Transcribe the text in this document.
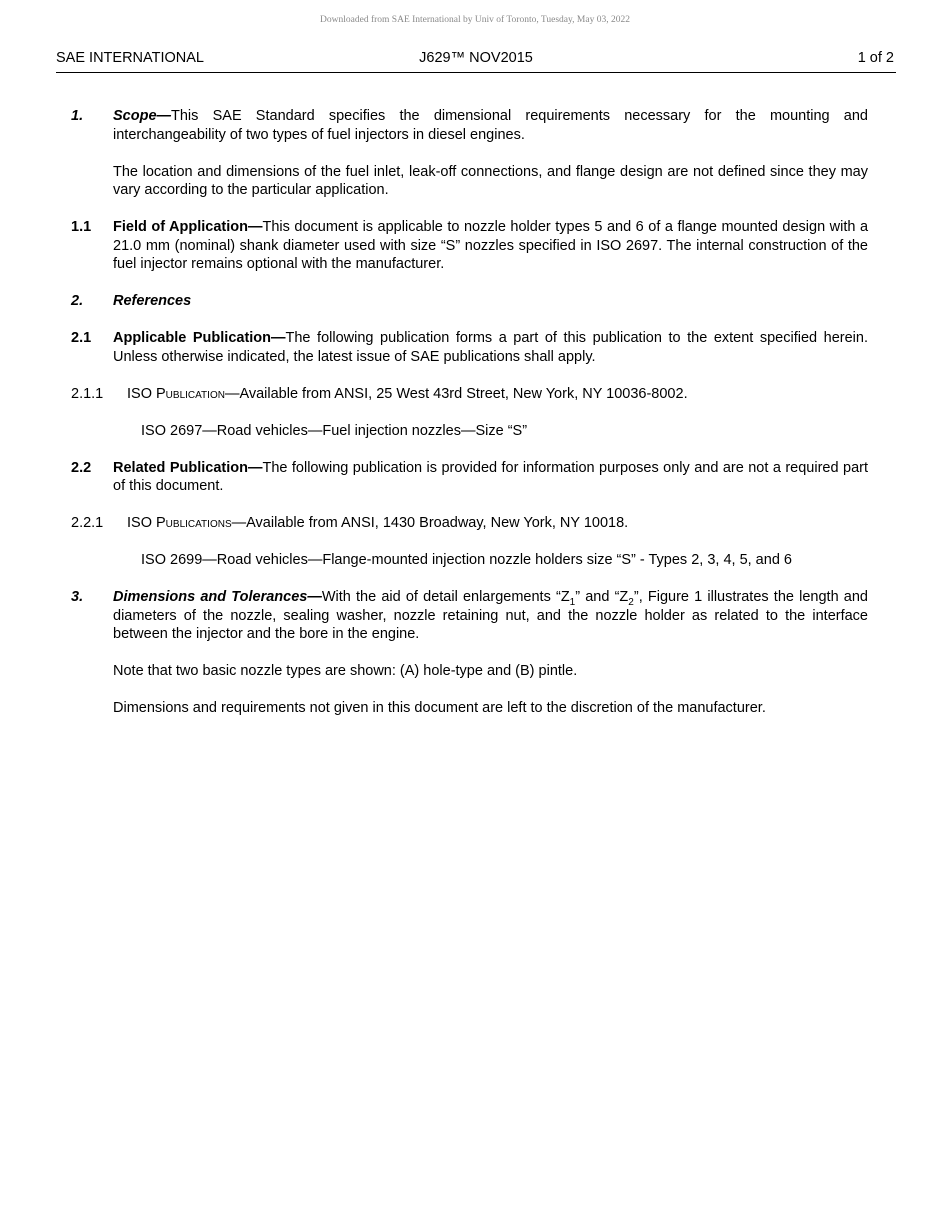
Downloaded from SAE International by Univ of Toronto, Tuesday, May 03, 2022
SAE INTERNATIONAL	J629™ NOV2015	1 of 2
1. Scope—This SAE Standard specifies the dimensional requirements necessary for the mounting and interchangeability of two types of fuel injectors in diesel engines.
The location and dimensions of the fuel inlet, leak-off connections, and flange design are not defined since they may vary according to the particular application.
1.1 Field of Application—This document is applicable to nozzle holder types 5 and 6 of a flange mounted design with a 21.0 mm (nominal) shank diameter used with size “S” nozzles specified in ISO 2697. The internal construction of the fuel injector remains optional with the manufacturer.
2. References
2.1 Applicable Publication—The following publication forms a part of this publication to the extent specified herein. Unless otherwise indicated, the latest issue of SAE publications shall apply.
2.1.1 ISO Publication—Available from ANSI, 25 West 43rd Street, New York, NY 10036-8002.
ISO 2697—Road vehicles—Fuel injection nozzles—Size “S”
2.2 Related Publication—The following publication is provided for information purposes only and are not a required part of this document.
2.2.1 ISO Publications—Available from ANSI, 1430 Broadway, New York, NY 10018.
ISO 2699—Road vehicles—Flange-mounted injection nozzle holders size “S” - Types 2, 3, 4, 5, and 6
3. Dimensions and Tolerances—With the aid of detail enlargements “$Z_1$” and “$Z_2$”, Figure 1 illustrates the length and diameters of the nozzle, sealing washer, nozzle retaining nut, and the nozzle holder as related to the interface between the injector and the bore in the engine.
Note that two basic nozzle types are shown: (A) hole-type and (B) pintle.
Dimensions and requirements not given in this document are left to the discretion of the manufacturer.
